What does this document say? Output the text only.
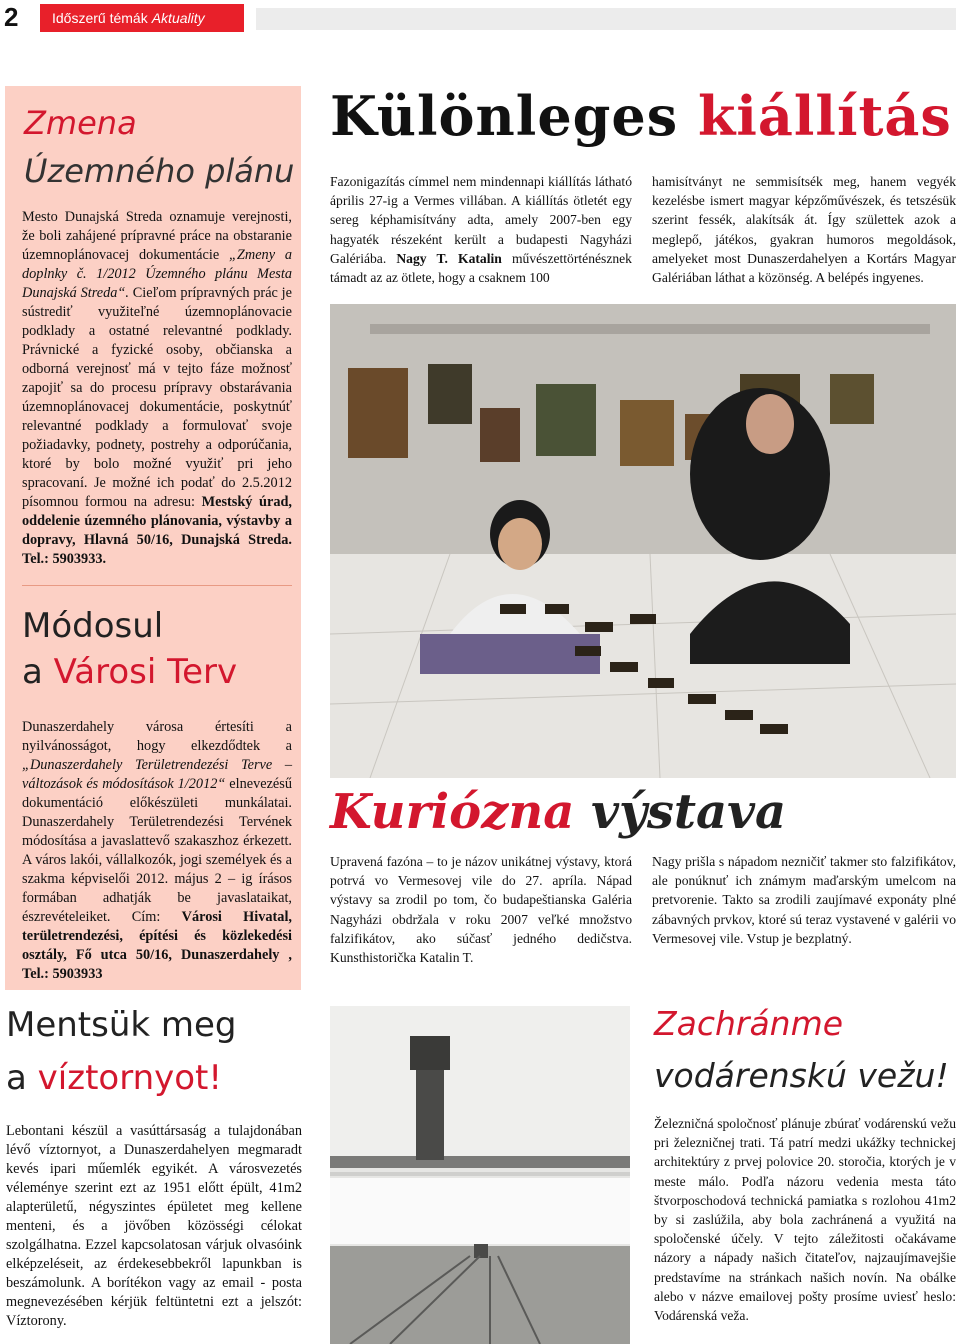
2	Időszerű témák Aktuality
Zmena
Územného plánu
Mesto Dunajská Streda oznamuje verejnosti, že boli zahájené prípravné práce na obstaranie územnoplánovacej dokumentácie „Zmeny a doplnky č. 1/2012 Územného plánu Mesta Dunajská Streda“. Cieľom prípravných prác je sústrediť využiteľné územnoplánovacie podklady a ostatné relevantné podklady. Právnické a fyzické osoby, občianska a odborná verejnosť má v tejto fáze možnosť zapojiť sa do procesu prípravy obstarávania územnoplánovacej dokumentácie, poskytnúť relevantné podklady a formulovať svoje požiadavky, podnety, postrehy a odporúčania, ktoré by bolo možné využiť pri jeho spracovaní. Je možné ich podať do 2.5.2012 písomnou formou na adresu: Mestský úrad, oddelenie územného plánovania, výstavby a dopravy, Hlavná 50/16, Dunajská Streda. Tel.: 5903933.
Módosul
a Városi Terv
Dunaszerdahely városa értesíti a nyilvánosságot, hogy elkezdődtek a „Dunaszerdahely Területrendezési Terve – változások és módosítások 1/2012“ elnevezésű dokumentáció előkészületi munkálatai. Dunaszerdahely Területrendezési Tervének módosítása a javaslattevő szakaszhoz érkezett. A város lakói, vállalkozók, jogi személyek és a szakma képviselői 2012. május 2 – ig írásos formában adhatják be javaslataikat, észrevételeiket. Cím: Városi Hivatal, területrendezési, építési és közlekedési osztály, Fő utca 50/16, Dunaszerdahely , Tel.: 5903933
Mentsük meg
a víztornyot!
Lebontani készül a vasúttársaság a tulajdonában lévő víztornyot, a Dunaszerdahelyen megmaradt kevés ipari műemlék egyikét. A városvezetés véleménye szerint ezt az 1951 előtt épült, 41m2 alapterületű, négyszintes épületet meg kellene menteni, és a jövőben közösségi célokat szolgálhatna. Ezzel kapcsolatosan várjuk olvasóink elképzeléseit, az érdekesebbekről lapunkban is beszámolunk. A borítékon vagy az email - posta megnevezésében kérjük feltüntetni ezt a jelszót: Víztorony.
Különleges kiállítás
Fazonigazítás címmel nem mindennapi kiállítás látható április 27-ig a Vermes villában. A kiállítás ötletét egy sereg képhamisítvány adta, amely 2007-ben egy hagyaték részeként került a budapesti Nagyházi Galériába. Nagy T. Katalin művészettörténésznek támadt az az ötlete, hogy a csaknem 100
hamisítványt ne semmisítsék meg, hanem vegyék kezelésbe ismert magyar képzőművészek, és tetszésük szerint fessék, alakítsák át. Így születtek azok a meglepő, játékos, gyakran humoros megoldások, amelyeket most Dunaszerdahelyen a Kortárs Magyar Galériában láthat a közönség. A belépés ingyenes.
Kuriózna výstava
Upravená fazóna – to je názov unikátnej výstavy, ktorá potrvá vo Vermesovej vile do 27. apríla. Nápad výstavy sa zrodil po tom, čo budapeštianska Galéria Nagyházi obdržala v roku 2007 veľké množstvo falzifikátov, ako súčasť jedného dedičstva. Kunsthistorička Katalin T.
Nagy prišla s nápadom nezničiť takmer sto falzifikátov, ale ponúknuť ich známym maďarským umelcom na pretvorenie. Takto sa zrodili zaujímavé exponáty plné zábavných prvkov, ktoré sú teraz vystavené v galérii vo Vermesovej vile. Vstup je bezplatný.
Zachránme
vodárenskú vežu!
Železničná spoločnosť plánuje zbúrať vodárenskú vežu pri železničnej trati. Tá patrí medzi ukážky technickej architektúry z prvej polovice 20. storočia, ktorých je v meste málo. Podľa názoru vedenia mesta táto štvorposchodová technická pamiatka s rozlohou 41m2 by si zaslúžila, aby bola zachránená a využitá na spoločenské účely. V tejto záležitosti očakávame názory a nápady našich čitateľov, najzaujímavejšie predstavíme na stránkach našich novín. Na obálke alebo v názve emailovej pošty prosíme uviesť heslo: Vodárenská veža.
